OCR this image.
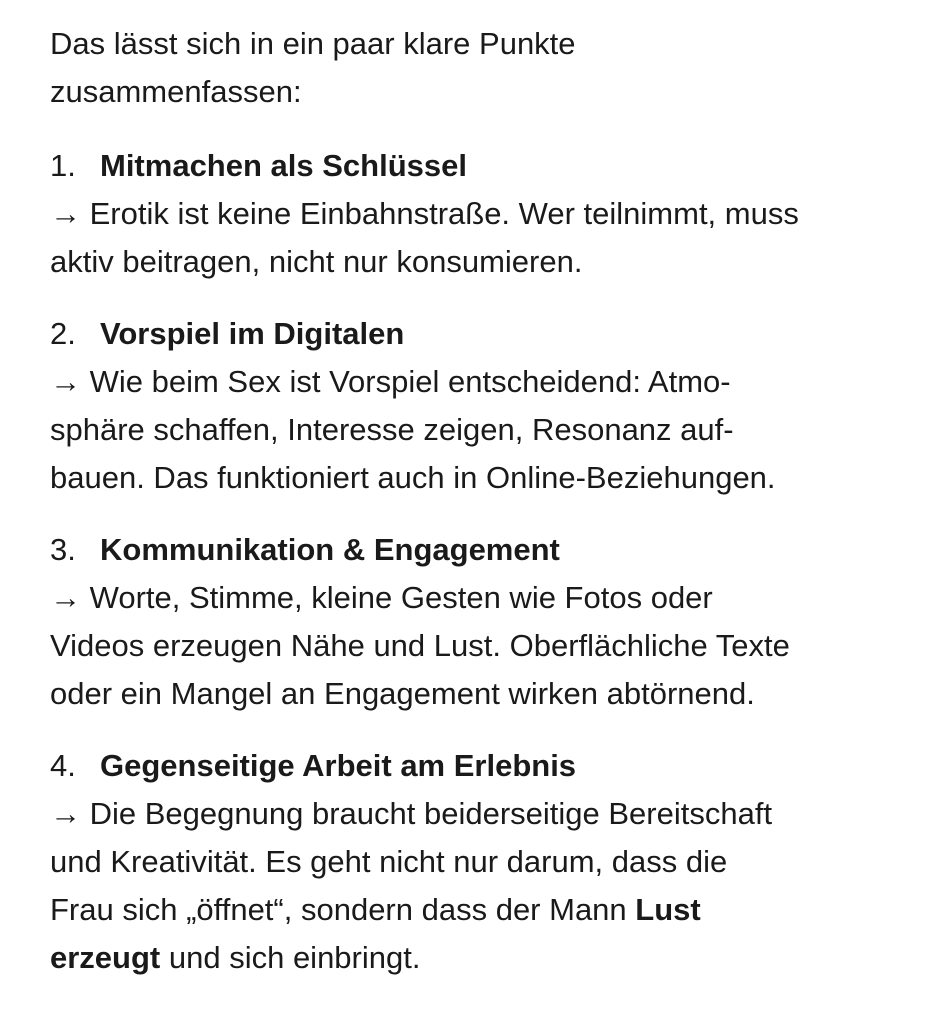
Das lässt sich in ein paar klare Punkte
zusammenfassen:

1. Mitmachen als Schlüssel

→ Erotik ist keine Einbahnstraße. Wer teilnimmt, muss
aktiv beitragen, nicht nur konsumieren.

2. Vorspiel im Digitalen

→ Wie beim Sex ist Vorspiel entscheidend: Atmo-
sphäre schaffen, Interesse zeigen, Resonanz auf-
bauen. Das funktioniert auch in Online-Beziehungen.

3. Kommunikation & Engagement

→ Worte, Stimme, kleine Gesten wie Fotos oder
Videos erzeugen Nähe und Lust. Oberflächliche Texte
oder ein Mangel an Engagement wirken abtörnend.

4. Gegenseitige Arbeit am Erlebnis

→ Die Begegnung braucht beiderseitige Bereitschaft
und Kreativität. Es geht nicht nur darum, dass die
Frau sich „öffnet“, sondern dass der Mann Lust
erzeugt und sich einbringt.
